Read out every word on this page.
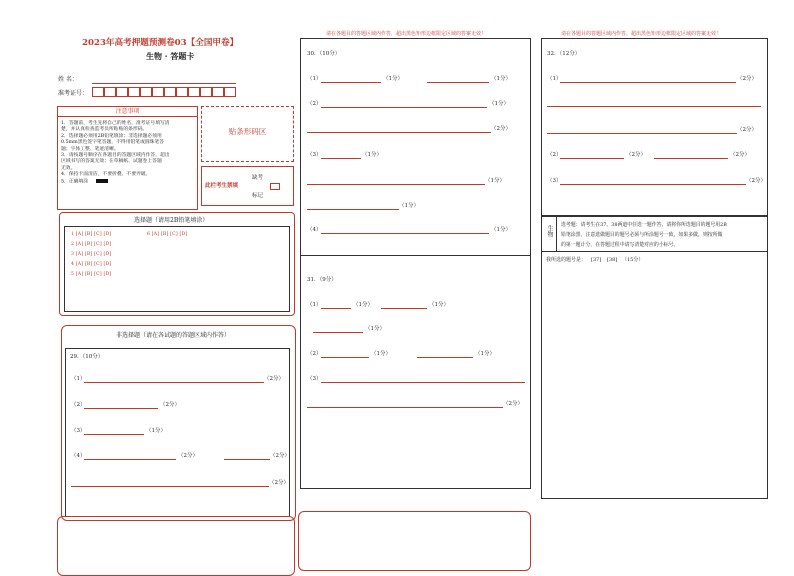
2023年高考押题预测卷03【全国甲卷】
生物 · 答题卡
姓 名：
准考证号：
注意事项

1．答题前，考生先将自己的姓名，准考证号填写清

楚，并认真检查监考员所粘贴的条形码。

2．选择题必须用2B铅笔填涂；非选择题必须用

0.5mm黑色签字笔答题，不得用铅笔或圆珠笔答

题；字体工整、笔迹清晰。

3．请按题号顺序在各题目的答题区域内作答，超出

区域书写的答案无效；在草稿纸、试题卷上答题

无效。

4．保持卡面清洁，不要折叠、不要弄破。

5．正确填涂

贴条形码区
缺考
此栏考生禁填
标记
选择题（请用2B铅笔填涂）
1 [A] [B] [C] [D]
2 [A] [B] [C] [D]
3 [A] [B] [C] [D]
4 [A] [B] [C] [D]
5 [A] [B] [C] [D]
6 [A] [B] [C] [D]
非选择题（请在各试题的答题区域内作答）
29．（10分）
（1）	（2分）
（2）	（2分）
（3）	（1分）
（4）	（2分）	（2分）
（2分）
请在各题目的答题区域内作答，超出黑色矩形边框限定区域的答案无效！
30．（10分）
（1）	（1分）	（1分）
（2）	（1分）
（2分）
（3）	（1分）
（1分）
（1分）
（4）	（1分）
31．（9分）
（1）	（1分）	（1分）
（1分）
（2）	（1分）	（1分）
（3）
（2分）
请在各题目的答题区域内作答，超出黑色矩形边框限定区域的答案无效！
32．（12分）
（1）	（2分）
（2分）
（2）	（2分）	（2分）
（3）	（2分）
生物 选考题：请考生在37、38两道中任选一题作答，请将你所选题目的题号用2B
铅笔涂黑，注意选做题目的题号必须与所涂题号一致，如果多做，则按所做
的第一题计分，在答题过程中请写清楚对应的小标号。
我所选的题号是： [37] [38] （15分）
